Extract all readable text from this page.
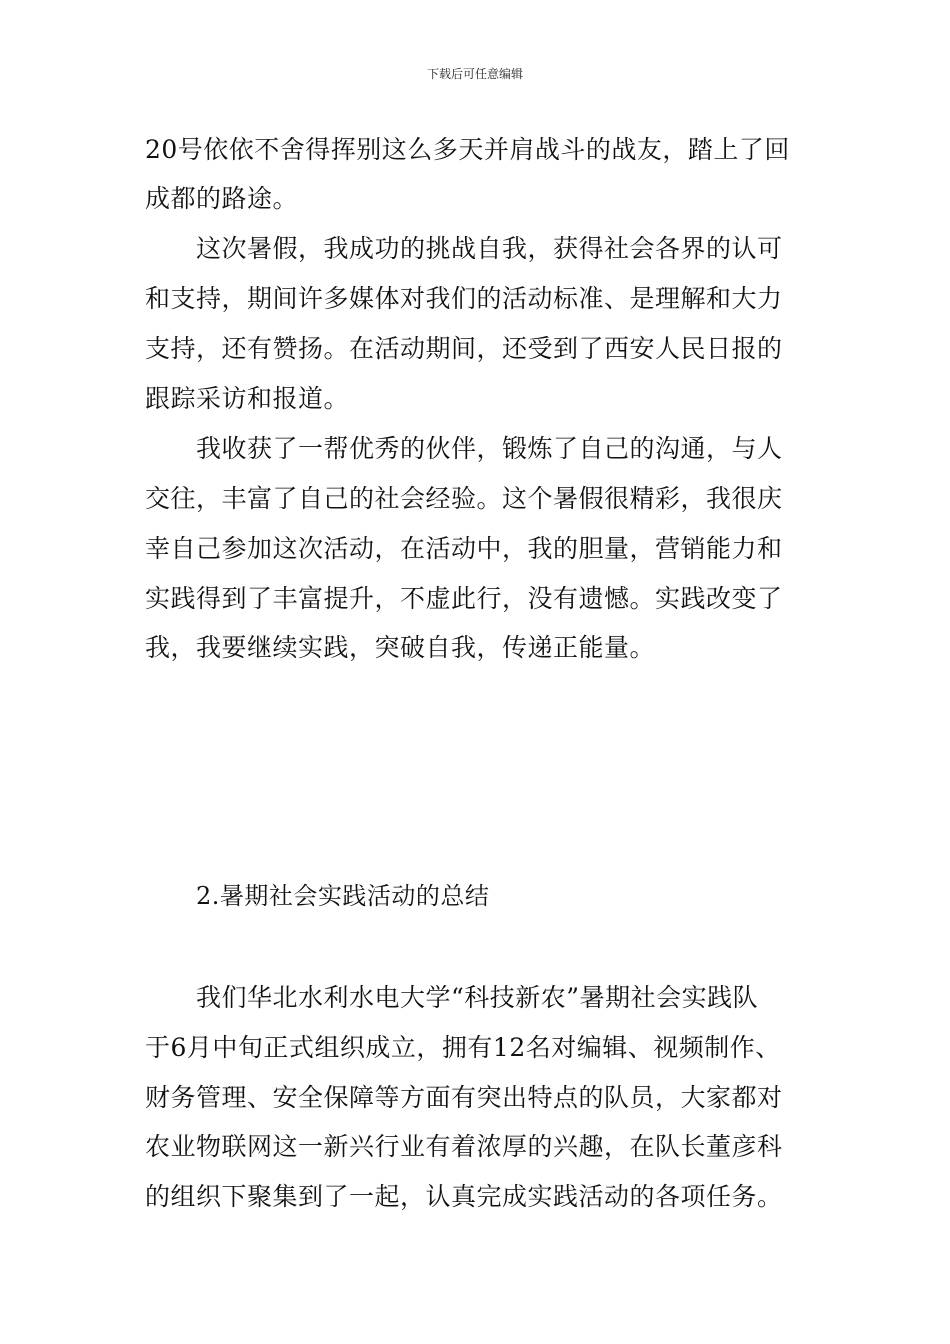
下载后可任意编辑
20号依依不舍得挥别这么多天并肩战斗的战友，踏上了回
成都的路途。
这次暑假，我成功的挑战自我，获得社会各界的认可
和支持，期间许多媒体对我们的活动标准、是理解和大力
支持，还有赞扬。在活动期间，还受到了西安人民日报的
跟踪采访和报道。
我收获了一帮优秀的伙伴，锻炼了自己的沟通，与人
交往，丰富了自己的社会经验。这个暑假很精彩，我很庆
幸自己参加这次活动，在活动中，我的胆量，营销能力和
实践得到了丰富提升，不虚此行，没有遗憾。实践改变了
我，我要继续实践，突破自我，传递正能量。
2.暑期社会实践活动的总结
我们华北水利水电大学“科技新农”暑期社会实践队
于6月中旬正式组织成立，拥有12名对编辑、视频制作、
财务管理、安全保障等方面有突出特点的队员，大家都对
农业物联网这一新兴行业有着浓厚的兴趣，在队长董彦科
的组织下聚集到了一起，认真完成实践活动的各项任务。
